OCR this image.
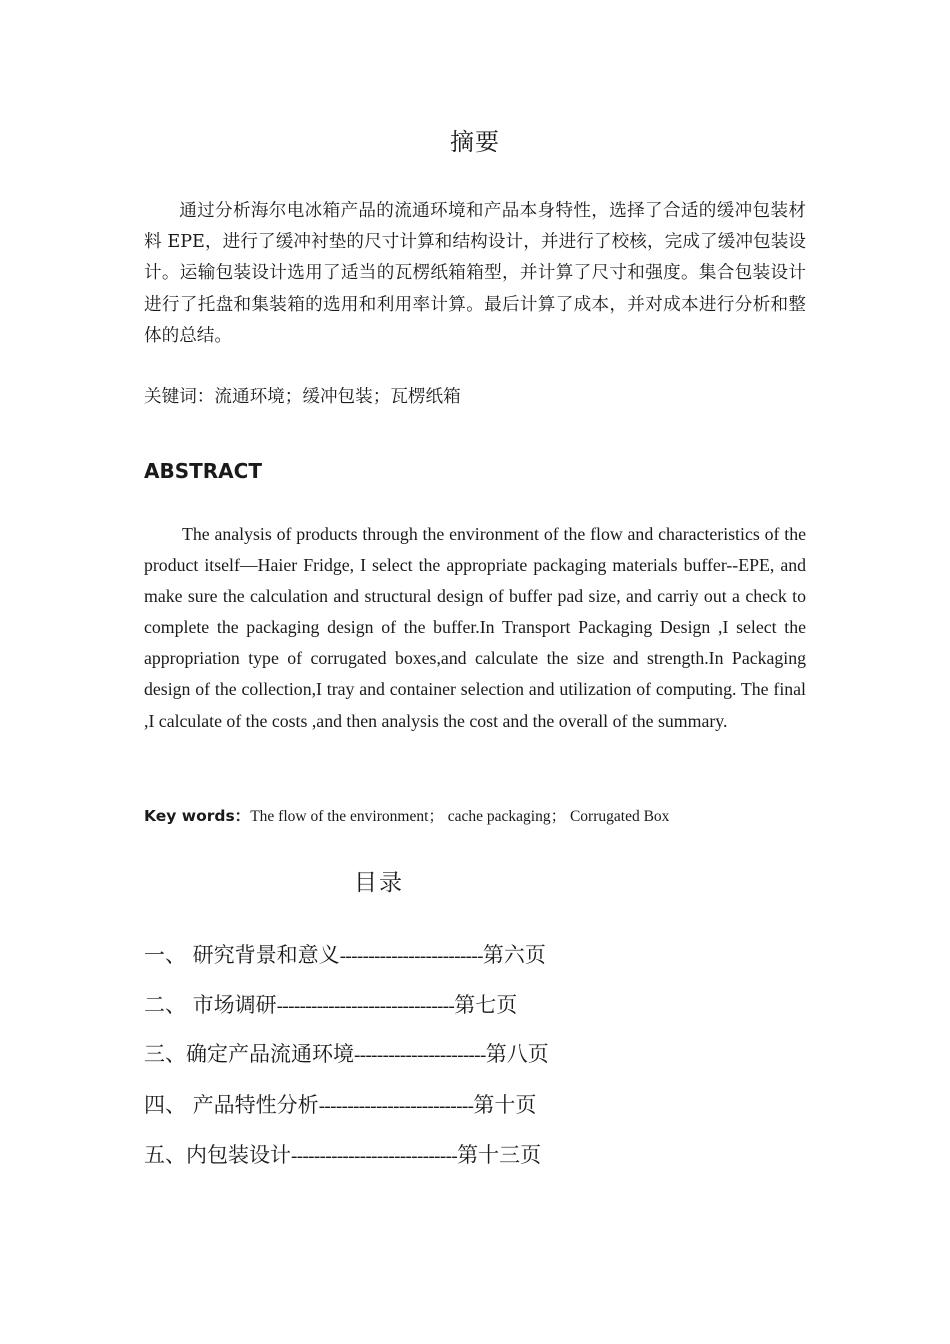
摘要
通过分析海尔电冰箱产品的流通环境和产品本身特性，选择了合适的缓冲包装材料 EPE，进行了缓冲衬垫的尺寸计算和结构设计，并进行了校核，完成了缓冲包装设计。运输包装设计选用了适当的瓦楞纸箱箱型，并计算了尺寸和强度。集合包装设计进行了托盘和集装箱的选用和利用率计算。最后计算了成本，并对成本进行分析和整体的总结。
关键词：流通环境；缓冲包装；瓦楞纸箱
ABSTRACT
The analysis of products through the environment of the flow and characteristics of the product itself—Haier Fridge, I select the appropriate packaging materials buffer--EPE, and make sure the calculation and structural design of buffer pad size, and carriy out a check to complete the packaging design of the buffer.In Transport Packaging Design ,I select the appropriation type of corrugated boxes,and calculate the size and strength.In Packaging design of the collection,I tray and container selection and utilization of computing. The final ,I calculate of the costs ,and then analysis the cost and the overall of the summary.
Key words：The flow of the environment； cache packaging； Corrugated Box
目录
一、 研究背景和意义-------------------------第六页
二、 市场调研-------------------------------第七页
三、确定产品流通环境-----------------------第八页
四、 产品特性分析---------------------------第十页
五、内包装设计-----------------------------第十三页
